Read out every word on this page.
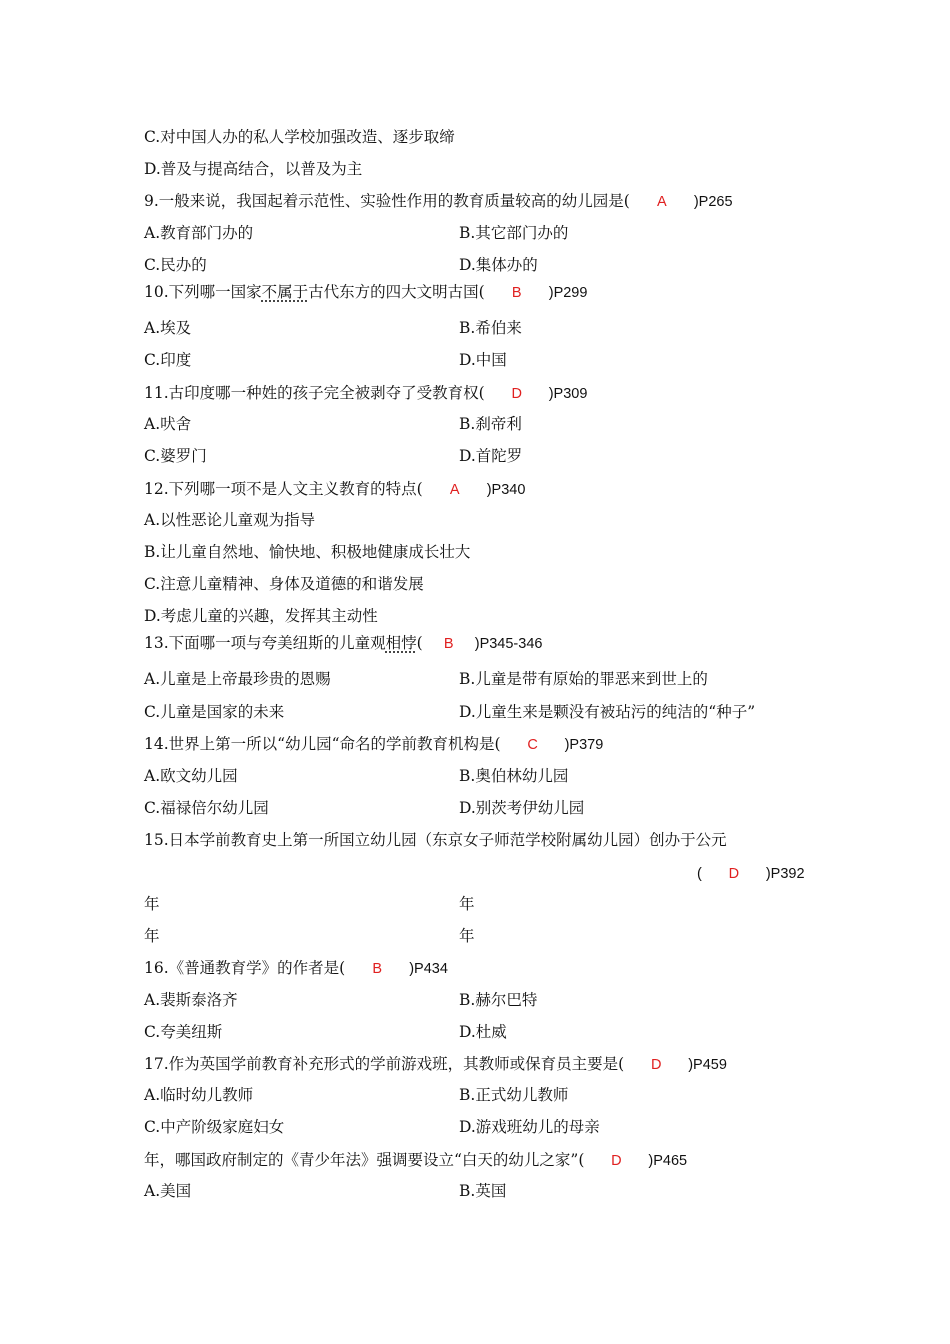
C.对中国人办的私人学校加强改造、逐步取缔
D.普及与提高结合，以普及为主
9.一般来说，我国起着示范性、实验性作用的教育质量较高的幼儿园是( A )P265
A.教育部门办的	B.其它部门办的
C.民办的	D.集体办的
10.下列哪一国家不属于古代东方的四大文明古国( B )P299
A.埃及	B.希伯来
C.印度	D.中国
11.古印度哪一种姓的孩子完全被剥夺了受教育权( D )P309
A.吠舍	B.刹帝利
C.婆罗门	D.首陀罗
12.下列哪一项不是人文主义教育的特点( A )P340
A.以性恶论儿童观为指导
B.让儿童自然地、愉快地、积极地健康成长壮大
C.注意儿童精神、身体及道德的和谐发展
D.考虑儿童的兴趣，发挥其主动性
13.下面哪一项与夸美纽斯的儿童观相悖( B )P345-346
A.儿童是上帝最珍贵的恩赐	B.儿童是带有原始的罪恶来到世上的
C.儿童是国家的未来	D.儿童生来是颗没有被玷污的纯洁的“种子”
14.世界上第一所以“幼儿园“命名的学前教育机构是( C )P379
A.欧文幼儿园	B.奥伯林幼儿园
C.福禄倍尔幼儿园	D.别茨考伊幼儿园
15.日本学前教育史上第一所国立幼儿园（东京女子师范学校附属幼儿园）创办于公元
( D )P392
年	年
年	年
16.《普通教育学》的作者是( B )P434
A.裴斯泰洛齐	B.赫尔巴特
C.夸美纽斯	D.杜威
17.作为英国学前教育补充形式的学前游戏班，其教师或保育员主要是( D )P459
A.临时幼儿教师	B.正式幼儿教师
C.中产阶级家庭妇女	D.游戏班幼儿的母亲
年，哪国政府制定的《青少年法》强调要设立“白天的幼儿之家”( D )P465
A.美国	B.英国
